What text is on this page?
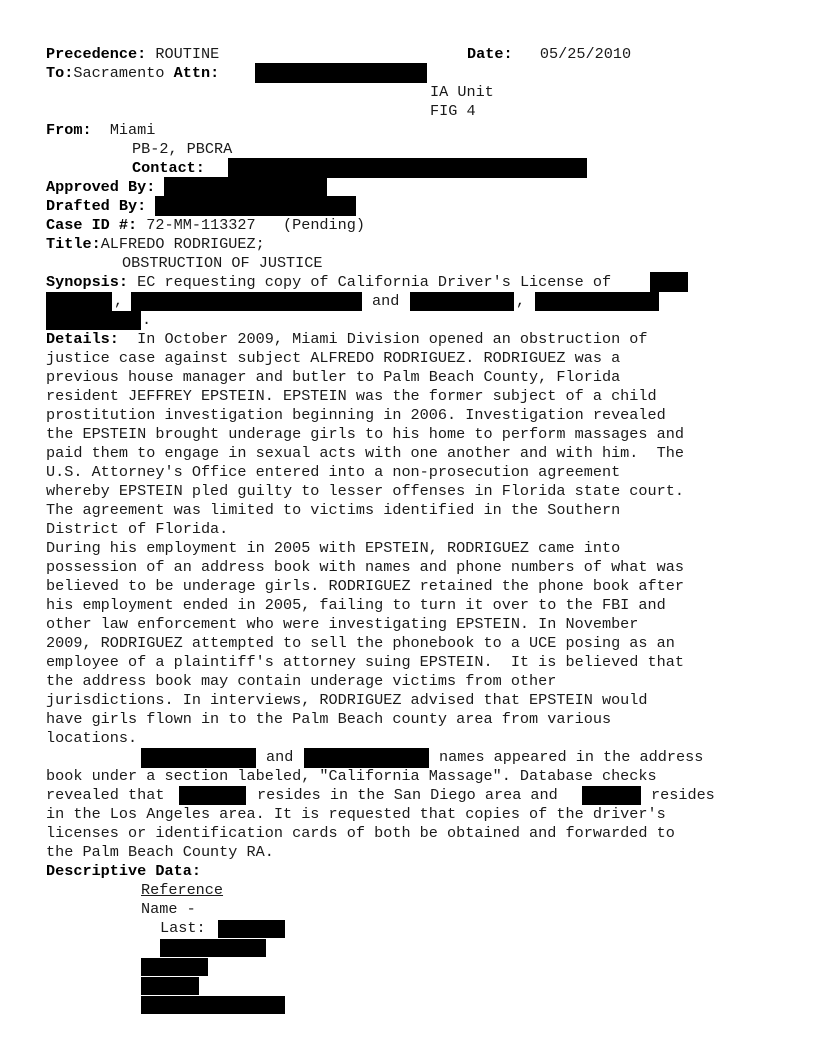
Precedence: ROUTINE	Date: 05/25/2010
To:Sacramento Attn:
IA Unit
FIG 4
From: Miami
PB-2, PBCRA
Contact:
Approved By:
Drafted By:
Case ID #: 72-MM-113327   (Pending)
Title:ALFREDO RODRIGUEZ;
OBSTRUCTION OF JUSTICE
Synopsis: EC requesting copy of California Driver's License of
,	and	,
.
Details:  In October 2009, Miami Division opened an obstruction of
justice case against subject ALFREDO RODRIGUEZ. RODRIGUEZ was a
previous house manager and butler to Palm Beach County, Florida
resident JEFFREY EPSTEIN. EPSTEIN was the former subject of a child
prostitution investigation beginning in 2006. Investigation revealed
the EPSTEIN brought underage girls to his home to perform massages and
paid them to engage in sexual acts with one another and with him.  The
U.S. Attorney's Office entered into a non-prosecution agreement
whereby EPSTEIN pled guilty to lesser offenses in Florida state court.
The agreement was limited to victims identified in the Southern
District of Florida.
During his employment in 2005 with EPSTEIN, RODRIGUEZ came into
possession of an address book with names and phone numbers of what was
believed to be underage girls. RODRIGUEZ retained the phone book after
his employment ended in 2005, failing to turn it over to the FBI and
other law enforcement who were investigating EPSTEIN. In November
2009, RODRIGUEZ attempted to sell the phonebook to a UCE posing as an
employee of a plaintiff's attorney suing EPSTEIN.  It is believed that
the address book may contain underage victims from other
jurisdictions. In interviews, RODRIGUEZ advised that EPSTEIN would
have girls flown in to the Palm Beach county area from various
locations.
and	names appeared in the address
book under a section labeled, "California Massage". Database checks
revealed that	resides in the San Diego area and	resides
in the Los Angeles area. It is requested that copies of the driver's
licenses or identification cards of both be obtained and forwarded to
the Palm Beach County RA.
Descriptive Data:
Reference
Name -
Last:
